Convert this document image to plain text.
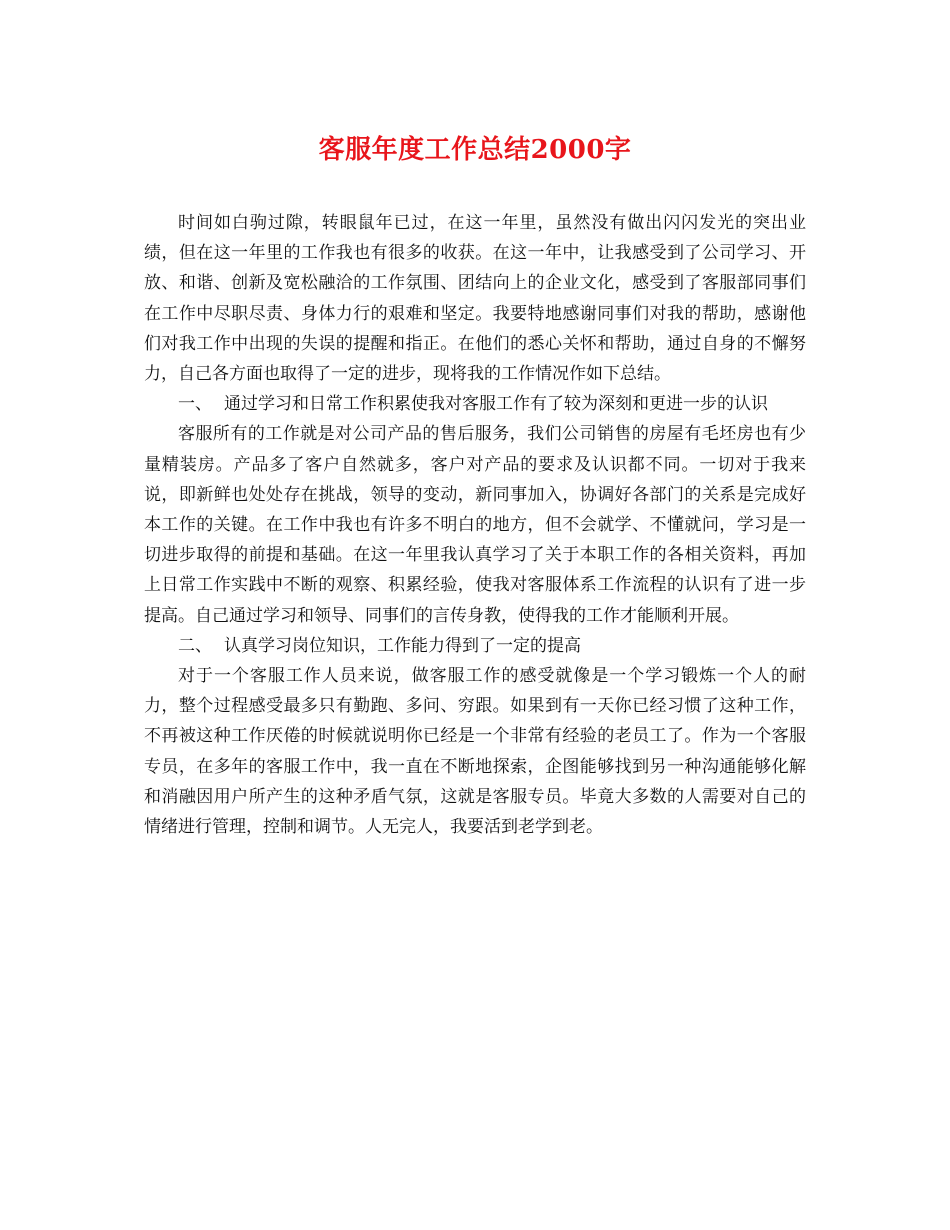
客服年度工作总结2000字

时间如白驹过隙，转眼鼠年已过，在这一年里，虽然没有做出闪闪发光的突出业绩，但在这一年里的工作我也有很多的收获。在这一年中，让我感受到了公司学习、开放、和谐、创新及宽松融洽的工作氛围、团结向上的企业文化，感受到了客服部同事们在工作中尽职尽责、身体力行的艰难和坚定。我要特地感谢同事们对我的帮助，感谢他们对我工作中出现的失误的提醒和指正。在他们的悉心关怀和帮助，通过自身的不懈努力，自己各方面也取得了一定的进步，现将我的工作情况作如下总结。

一、 通过学习和日常工作积累使我对客服工作有了较为深刻和更进一步的认识

客服所有的工作就是对公司产品的售后服务，我们公司销售的房屋有毛坯房也有少量精装房。产品多了客户自然就多，客户对产品的要求及认识都不同。一切对于我来说，即新鲜也处处存在挑战，领导的变动，新同事加入，协调好各部门的关系是完成好本工作的关键。在工作中我也有许多不明白的地方，但不会就学、不懂就问，学习是一切进步取得的前提和基础。在这一年里我认真学习了关于本职工作的各相关资料，再加上日常工作实践中不断的观察、积累经验，使我对客服体系工作流程的认识有了进一步提高。自己通过学习和领导、同事们的言传身教，使得我的工作才能顺利开展。

二、 认真学习岗位知识，工作能力得到了一定的提高

对于一个客服工作人员来说，做客服工作的感受就像是一个学习锻炼一个人的耐力，整个过程感受最多只有勤跑、多问、穷跟。如果到有一天你已经习惯了这种工作，不再被这种工作厌倦的时候就说明你已经是一个非常有经验的老员工了。作为一个客服专员，在多年的客服工作中，我一直在不断地探索，企图能够找到另一种沟通能够化解和消融因用户所产生的这种矛盾气氛，这就是客服专员。毕竟大多数的人需要对自己的情绪进行管理，控制和调节。人无完人，我要活到老学到老。
